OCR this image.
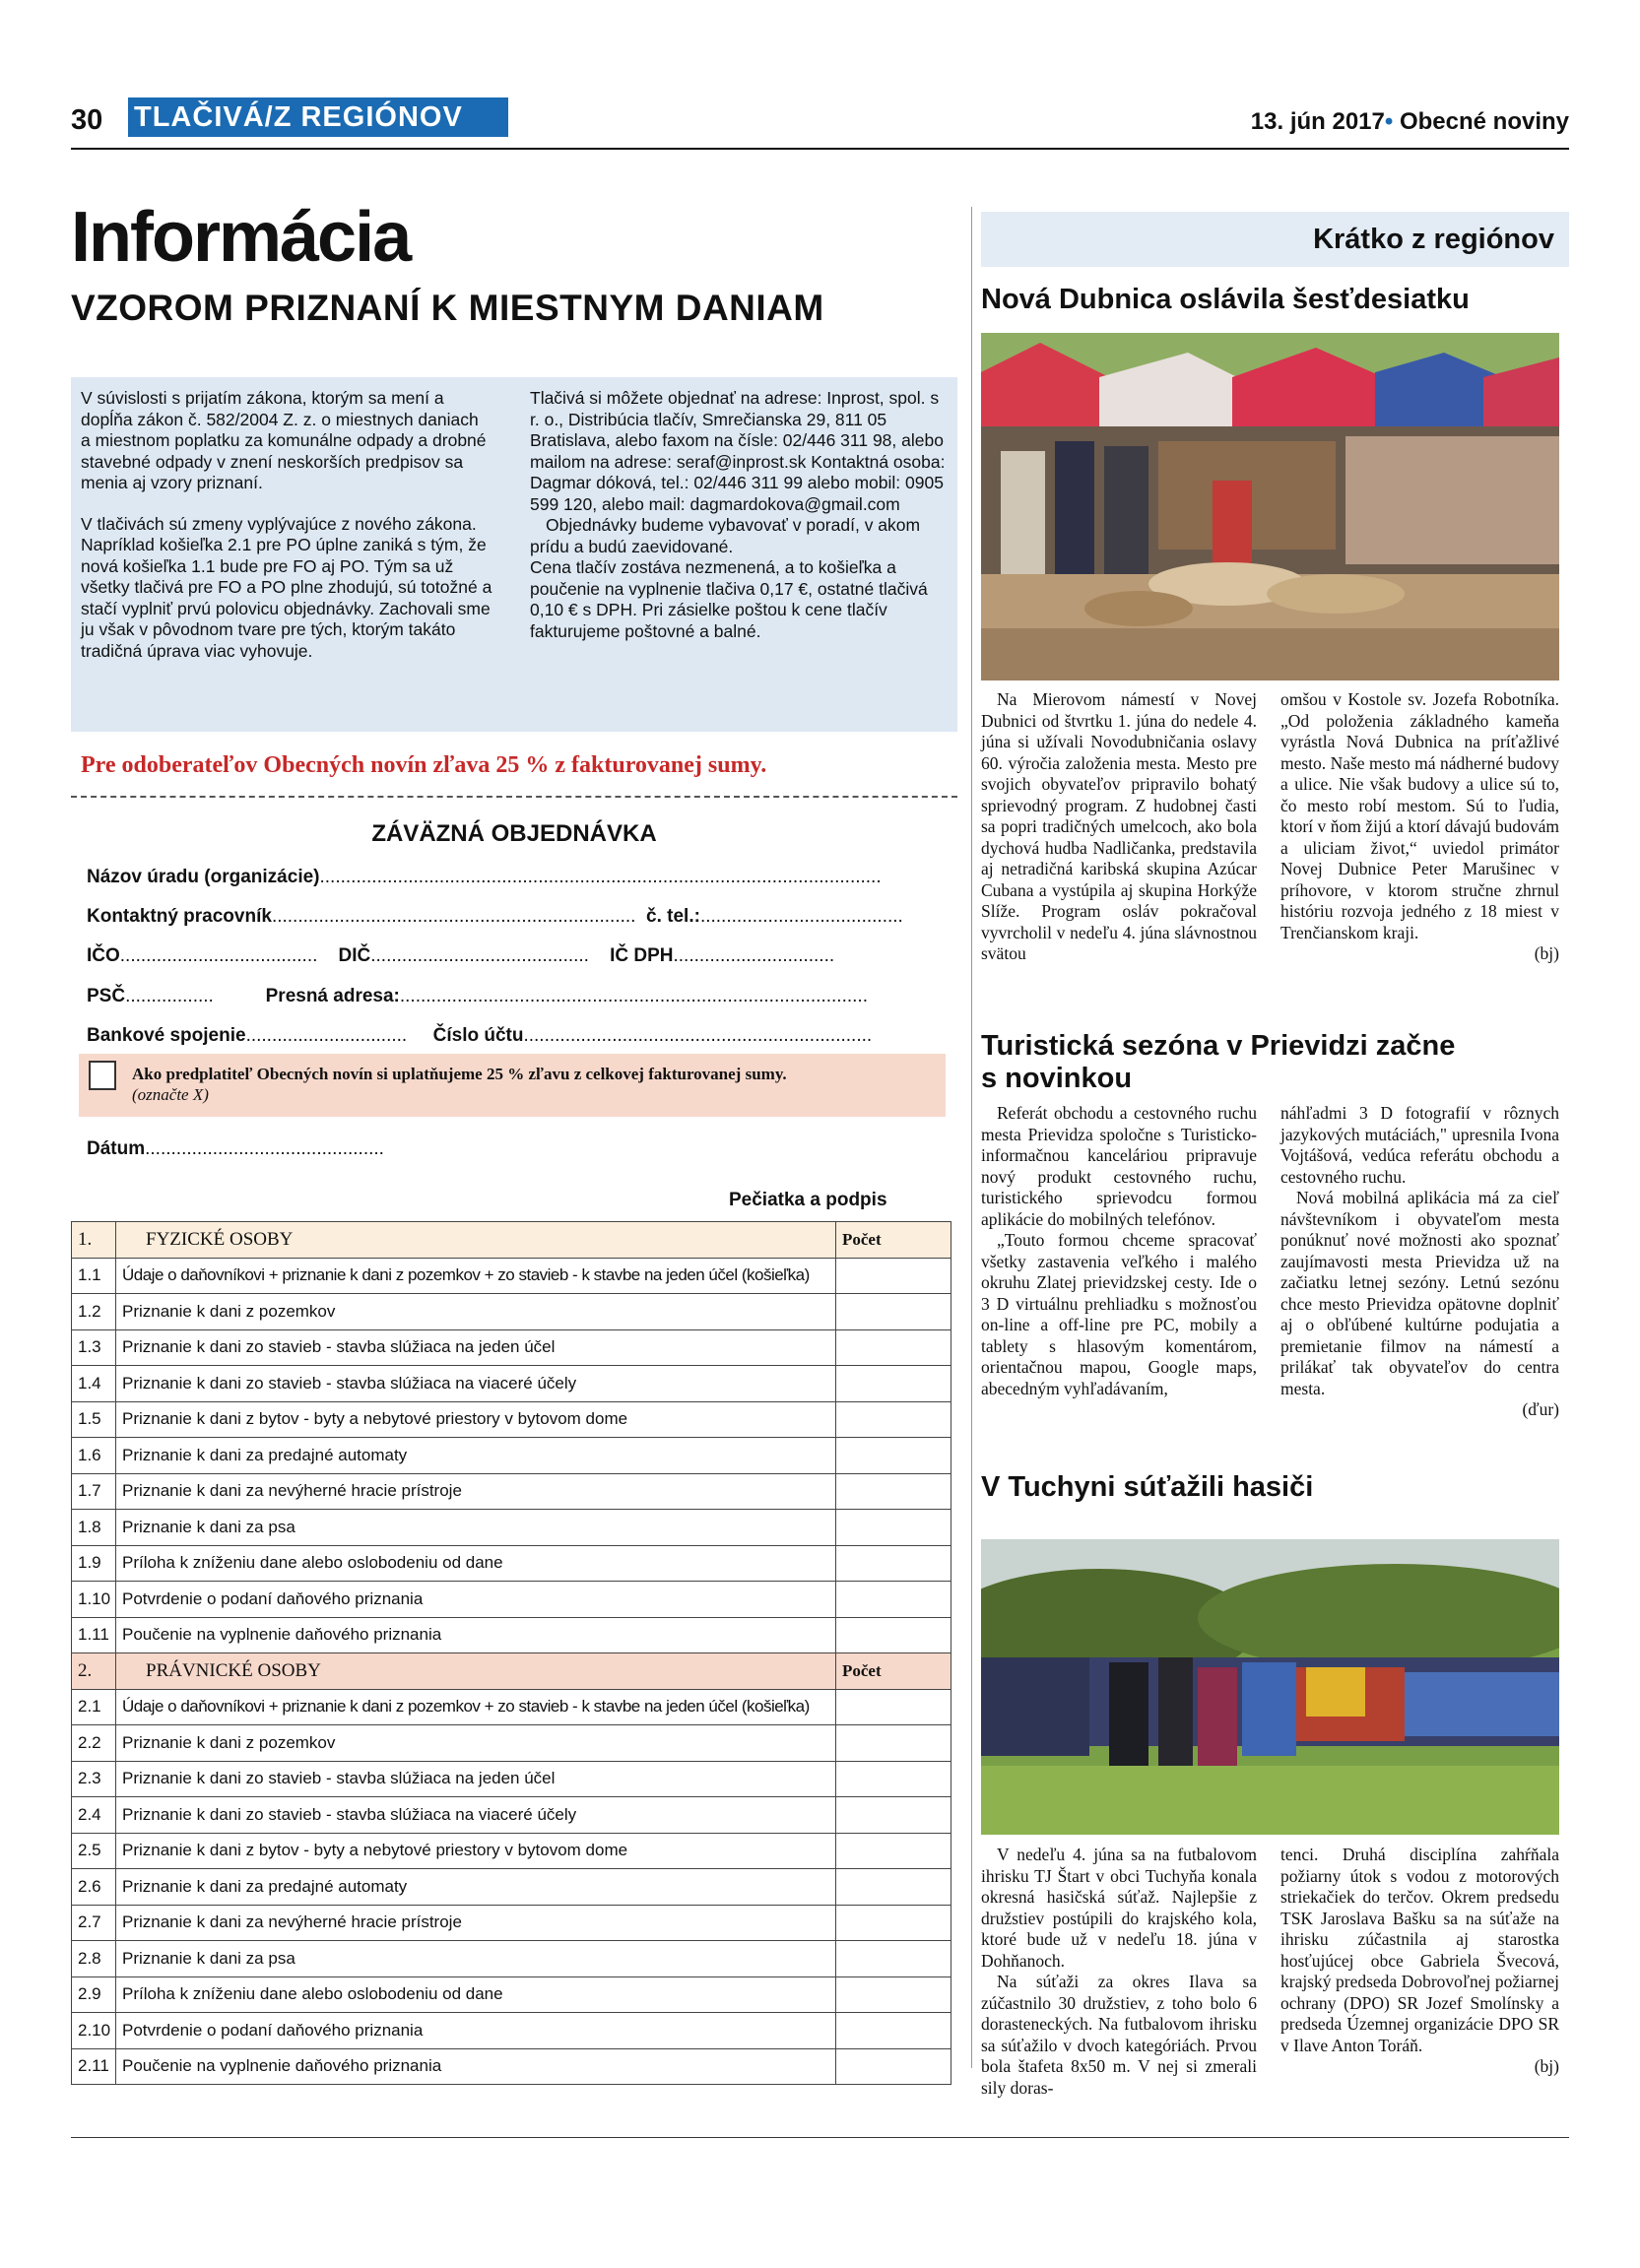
30 TLAČIVÁ/Z REGIÓNOV	13. jún 2017• Obecné noviny
Informácia
VZOROM PRIZNANÍ K MIESTNYM DANIAM

V súvislosti s prijatím zákona, ktorým sa mení a dopĺňa zákon č. 582/2004 Z. z. o miestnych daniach a miestnom poplatku za komunálne odpady a drobné stavebné odpady v znení neskorších predpisov sa menia aj vzory priznaní.

V tlačivách sú zmeny vyplývajúce z nového zákona. Napríklad košieľka 2.1 pre PO úplne zaniká s tým, že nová košieľka 1.1 bude pre FO aj PO. Tým sa už všetky tlačivá pre FO a PO plne zhodujú, sú totožné a stačí vyplniť prvú polovicu objednávky. Zachovali sme ju však v pôvodnom tvare pre tých, ktorým takáto tradičná úprava viac vyhovuje.

Tlačivá si môžete objednať na adrese: Inprost, spol. s r. o., Distribúcia tlačív, Smrečianska 29, 811 05 Bratislava, alebo faxom na čísle: 02/446 311 98, alebo mailom na adrese: seraf@inprost.sk Kontaktná osoba: Dagmar dóková, tel.: 02/446 311 99 alebo mobil: 0905 599 120, alebo mail: dagmardokova@gmail.com

Objednávky budeme vybavovať v poradí, v akom prídu a budú zaevidované.

Cena tlačív zostáva nezmenená, a to košieľka a poučenie na vyplnenie tlačiva 0,17 €, ostatné tlačivá 0,10 € s DPH. Pri zásielke poštou k cene tlačív fakturujeme poštovné a balné.

Pre odoberateľov Obecných novín zľava 25 % z fakturovanej sumy.
ZÁVÄZNÁ OBJEDNÁVKA
Názov úradu (organizácie)............................................................................................................
Kontaktný pracovník...................................................................... č. tel.:.......................................
IČO...................................... DIČ.......................................... IČ DPH...............................
PSČ.................	Presná adresa:..........................................................................................
Bankové spojenie............................... Číslo účtu...................................................................
Ako predplatiteľ Obecných novín si uplatňujeme 25 % zľavu z celkovej fakturovanej sumy.
(označte X)
Dátum..............................................
Pečiatka a podpis
1.	FYZICKÉ OSOBY	Počet
1.1	Údaje o daňovníkovi + priznanie k dani z pozemkov + zo stavieb - k stavbe na jeden účel (košieľka)	
1.2	Priznanie k dani z pozemkov	
1.3	Priznanie k dani zo stavieb - stavba slúžiaca na jeden účel	
1.4	Priznanie k dani zo stavieb - stavba slúžiaca na viaceré účely	
1.5	Priznanie k dani z bytov - byty a nebytové priestory v bytovom dome	
1.6	Priznanie k dani za predajné automaty	
1.7	Priznanie k dani za nevýherné hracie prístroje	
1.8	Priznanie k dani za psa	
1.9	Príloha k zníženiu dane alebo oslobodeniu od dane	
1.10	Potvrdenie o podaní daňového priznania	
1.11	Poučenie na vyplnenie daňového priznania	
2.	PRÁVNICKÉ OSOBY	Počet
2.1	Údaje o daňovníkovi + priznanie k dani z pozemkov + zo stavieb - k stavbe na jeden účel (košieľka)	
2.2	Priznanie k dani z pozemkov	
2.3	Priznanie k dani zo stavieb - stavba slúžiaca na jeden účel	
2.4	Priznanie k dani zo stavieb - stavba slúžiaca na viaceré účely	
2.5	Priznanie k dani z bytov - byty a nebytové priestory v bytovom dome	
2.6	Priznanie k dani za predajné automaty	
2.7	Priznanie k dani za nevýherné hracie prístroje	
2.8	Priznanie k dani za psa	
2.9	Príloha k zníženiu dane alebo oslobodeniu od dane	
2.10	Potvrdenie o podaní daňového priznania	
2.11	Poučenie na vyplnenie daňového priznania	
Krátko z regiónov
Nová Dubnica oslávila šesťdesiatku

Na Mierovom námestí v Novej Dubnici od štvrtku 1. júna do nedele 4. júna si užívali Novodubničania oslavy 60. výročia založenia mesta. Mesto pre svojich obyvateľov pripravilo bohatý sprievodný program. Z hudobnej časti sa popri tradičných umelcoch, ako bola dychová hudba Nadličanka, predstavila aj netradičná karibská skupina Azúcar Cubana a vystúpila aj skupina Horkýže Slíže. Program osláv pokračoval vyvrcholil v nedeľu 4. júna slávnostnou svätou

omšou v Kostole sv. Jozefa Robotníka. „Od položenia základného kameňa vyrástla Nová Dubnica na príťažlivé mesto. Naše mesto má nádherné budovy a ulice. Nie však budovy a ulice sú to, čo mesto robí mestom. Sú to ľudia, ktorí v ňom žijú a ktorí dávajú budovám a uliciam život,“ uviedol primátor Novej Dubnice Peter Marušinec v príhovore, v ktorom stručne zhrnul históriu rozvoja jedného z 18 miest v Trenčianskom kraji.

(bj)
Turistická sezóna v Prievidzi začne
s novinkou

Referát obchodu a cestovného ruchu mesta Prievidza spoločne s Turisticko-informačnou kanceláriou pripravuje nový produkt cestovného ruchu, turistického sprievodcu formou aplikácie do mobilných telefónov.

„Touto formou chceme spracovať všetky zastavenia veľkého i malého okruhu Zlatej prievidzskej cesty. Ide o 3 D virtuálnu prehliadku s možnosťou on-line a off-line pre PC, mobily a tablety s hlasovým komentárom, orientačnou mapou, Google maps, abecedným vyhľadávaním,

náhľadmi 3 D fotografií v rôznych jazykových mutáciách," upresnila Ivona Vojtášová, vedúca referátu obchodu a cestovného ruchu.

Nová mobilná aplikácia má za cieľ návštevníkom i obyvateľom mesta ponúknuť nové možnosti ako spoznať zaujímavosti mesta Prievidza už na začiatku letnej sezóny. Letnú sezónu chce mesto Prievidza opätovne doplniť aj o obľúbené kultúrne podujatia a premietanie filmov na námestí a prilákať tak obyvateľov do centra mesta.

(ďur)
V Tuchyni súťažili hasiči

V nedeľu 4. júna sa na futbalovom ihrisku TJ Štart v obci Tuchyňa konala okresná hasičská súťaž. Najlepšie z družstiev postúpili do krajského kola, ktoré bude už v nedeľu 18. júna v Dohňanoch.

Na súťaži za okres Ilava sa zúčastnilo 30 družstiev, z toho bolo 6 dorasteneckých. Na futbalovom ihrisku sa súťažilo v dvoch kategóriách. Prvou bola štafeta 8x50 m. V nej si zmerali sily doras-

tenci. Druhá disciplína zahŕňala požiarny útok s vodou z motorových striekačiek do terčov. Okrem predsedu TSK Jaroslava Bašku sa na súťaže na ihrisku zúčastnila aj starostka hosťujúcej obce Gabriela Švecová, krajský predseda Dobrovoľnej požiarnej ochrany (DPO) SR Jozef Smolínsky a predseda Územnej organizácie DPO SR v Ilave Anton Toráň.

(bj)
